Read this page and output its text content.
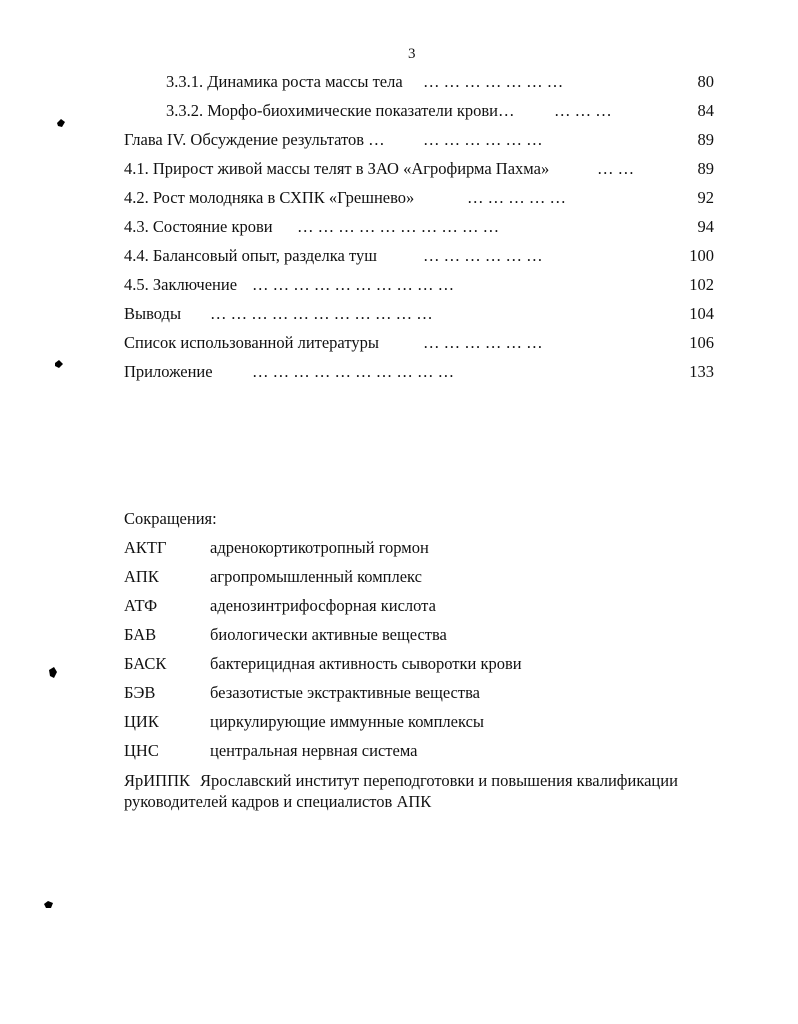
3
3.3.1. Динамика роста массы тела … … … … … … …	80
3.3.2. Морфо-биохимические показатели крови… … … …	84
Глава IV. Обсуждение результатов … … … … … … …	89
4.1. Прирост живой массы телят в ЗАО «Агрофирма Пахма»	… …	89
4.2. Рост молодняка в СХПК «Грешнево»	… … … … …	92
4.3. Состояние крови … … … … … … … … … …	94
4.4. Балансовый опыт, разделка туш	… … … … … …	100
4.5. Заключение … … … … … … … … … …	102
Выводы … … … … … … … … … … …	104
Список использованной литературы	… … … … … …	106
Приложение … … … … … … … … … …	133
Сокращения:
АКТГ	адренокортикотропный гормон
АПК	агропромышленный комплекс
АТФ	аденозинтрифосфорная кислота
БАВ	биологически активные вещества
БАСК	бактерицидная активность сыворотки крови
БЭВ	безазотистые экстрактивные вещества
ЦИК	циркулирующие иммунные комплексы
ЦНС	центральная нервная система
ЯрИППК Ярославский институт переподготовки и повышения квалификации руководителей кадров и специалистов АПК
